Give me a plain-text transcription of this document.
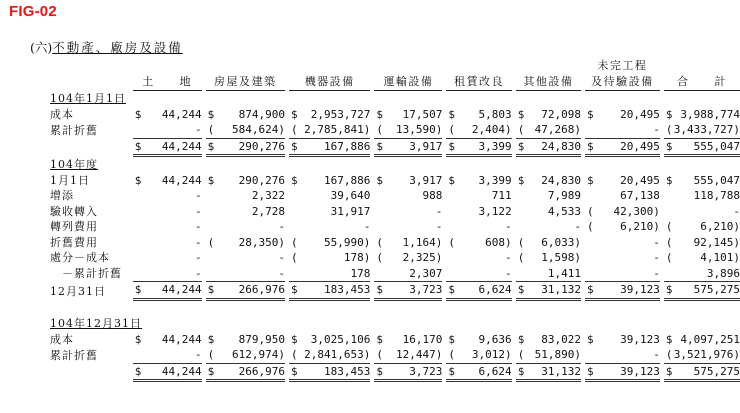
FIG-02
(六)不動產、廠房及設備
													未完工程		
	土　　地		房屋及建築		機器設備		運輸設備		租賃改良		其他設備		及待驗設備		合　　計
104年1月1日															
成本	$ 44,244		$ 874,900		$ 2,953,727		$ 17,507		$ 5,803		$ 72,098		$ 20,495		$ 3,988,774
累計折舊	-		( 584,624)		( 2,785,841)		( 13,590)		( 2,404)		( 47,268)		-		( 3,433,727)

	$ 44,244		$ 290,276		$ 167,886		$ 3,917		$ 3,399		$ 24,830		$ 20,495		$ 555,047
104年度															
1月1日	$ 44,244		$ 290,276		$ 167,886		$ 3,917		$ 3,399		$ 24,830		$ 20,495		$ 555,047
增添	-		2,322		39,640		988		711		7,989		67,138		118,788
驗收轉入	-		2,728		31,917		-		3,122		4,533		( 42,300)		-
轉列費用	-		-		-		-		-		-		( 6,210)		( 6,210)
折舊費用	-		( 28,350)		( 55,990)		( 1,164)		( 608)		( 6,033)		-		( 92,145)
處分－成本	-		-		( 178)		( 2,325)		-		( 1,598)		-		( 4,101)
　－累計折舊	-		-		178		2,307		-		1,411		-		3,896
12月31日	$ 44,244		$ 266,976		$ 183,453		$ 3,723		$ 6,624		$ 31,132		$ 39,123		$ 575,275

104年12月31日															
成本	$ 44,244		$ 879,950		$ 3,025,106		$ 16,170		$ 9,636		$ 83,022		$ 39,123		$ 4,097,251
累計折舊	-		( 612,974)		( 2,841,653)		( 12,447)		( 3,012)		( 51,890)		-		( 3,521,976)

	$ 44,244		$ 266,976		$ 183,453		$ 3,723		$ 6,624		$ 31,132		$ 39,123		$ 575,275
